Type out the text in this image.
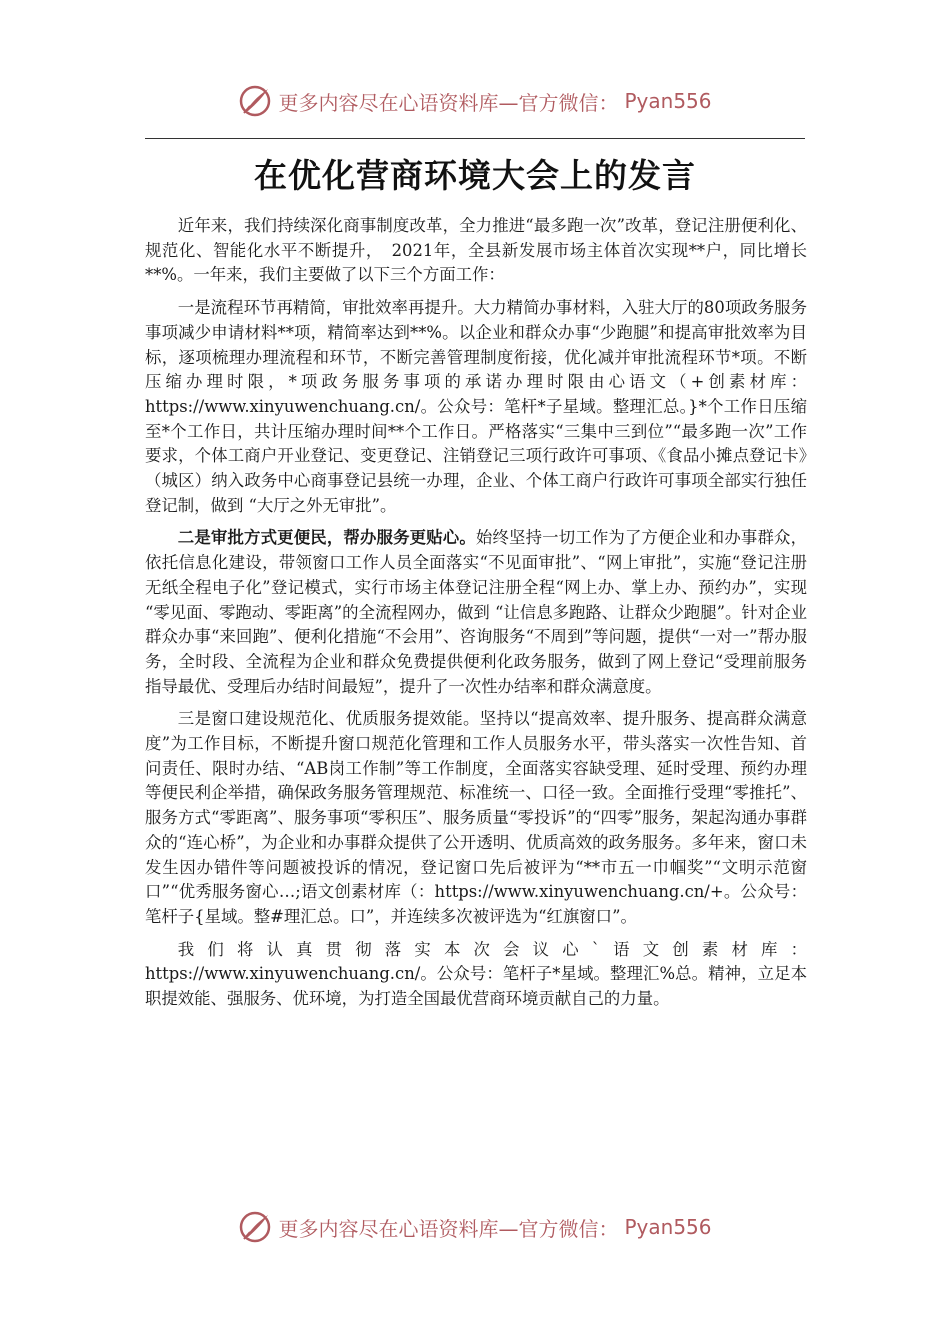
更多内容尽在心语资料库—官方微信： Pyan556
在优化营商环境大会上的发言

近年来，我们持续深化商事制度改革，全力推进“最多跑一次”改革，登记注册便利化、规范化、智能化水平不断提升，　2021年，全县新发展市场主体首次实现**户，同比增长**%。一年来，我们主要做了以下三个方面工作：

一是流程环节再精简，审批效率再提升。大力精简办事材料，入驻大厅的80项政务服务事项减少申请材料**项，精简率达到**%。以企业和群众办事“少跑腿”和提高审批效率为目标，逐项梳理办理流程和环节，不断完善管理制度衔接，优化减并审批流程环节*项。不断压缩办理时限，*项政务服务事项的承诺办理时限由心语文（+创素材库：https://www.xinyuwenchuang.cn/。公众号：笔杆*子星域。整理汇总。}*个工作日压缩至*个工作日，共计压缩办理时间**个工作日。严格落实“三集中三到位”“最多跑一次”工作要求，个体工商户开业登记、变更登记、注销登记三项行政许可事项、《食品小摊点登记卡》（城区）纳入政务中心商事登记县统一办理，企业、个体工商户行政许可事项全部实行独任登记制，做到 “大厅之外无审批”。

二是审批方式更便民，帮办服务更贴心。始终坚持一切工作为了方便企业和办事群众，依托信息化建设，带领窗口工作人员全面落实“不见面审批”、“网上审批”，实施“登记注册无纸全程电子化”登记模式，实行市场主体登记注册全程“网上办、掌上办、预约办”，实现 “零见面、零跑动、零距离”的全流程网办，做到 “让信息多跑路、让群众少跑腿”。针对企业群众办事“来回跑”、便利化措施“不会用”、咨询服务“不周到”等问题，提供“一对一”帮办服务，全时段、全流程为企业和群众免费提供便利化政务服务，做到了网上登记“受理前服务指导最优、受理后办结时间最短”，提升了一次性办结率和群众满意度。

三是窗口建设规范化、优质服务提效能。坚持以“提高效率、提升服务、提高群众满意度”为工作目标，不断提升窗口规范化管理和工作人员服务水平，带头落实一次性告知、首问责任、限时办结、“AB岗工作制”等工作制度，全面落实容缺受理、延时受理、预约办理等便民利企举措，确保政务服务管理规范、标准统一、口径一致。全面推行受理“零推托”、服务方式“零距离”、服务事项“零积压”、服务质量“零投诉”的“四零”服务，架起沟通办事群众的“连心桥”，为企业和办事群众提供了公开透明、优质高效的政务服务。多年来，窗口未发生因办错件等问题被投诉的情况，登记窗口先后被评为“**市五一巾帼奖”“文明示范窗口”“优秀服务窗心…;语文创素材库（：https://www.xinyuwenchuang.cn/+。公众号：笔杆子{星域。整#理汇总。口”，并连续多次被评选为“红旗窗口”。

我们将认真贯彻落实本次会议心`语文创素材库：https://www.xinyuwenchuang.cn/。公众号：笔杆子*星域。整理汇%总。精神，立足本职提效能、强服务、优环境，为打造全国最优营商环境贡献自己的力量。

更多内容尽在心语资料库—官方微信： Pyan556
